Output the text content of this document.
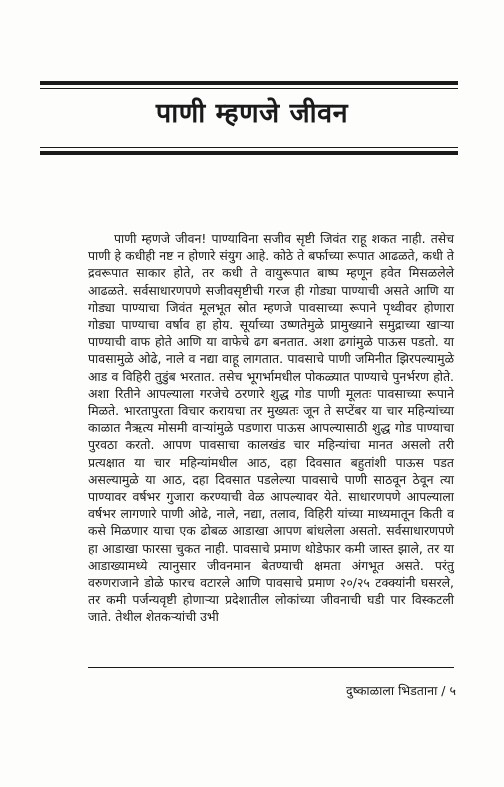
पाणी म्हणजे जीवन

पाणी म्हणजे जीवन! पाण्याविना सजीव सृष्टी जिवंत राहू शकत नाही. तसेच पाणी हे कधीही नष्ट न होणारे संयुग आहे. कोठे ते बर्फाच्या रूपात आढळते, कधी ते द्रवरूपात साकार होते, तर कधी ते वायुरूपात बाष्प म्हणून हवेत मिसळलेले आढळते. सर्वसाधारणपणे सजीवसृष्टीची गरज ही गोड्या पाण्याची असते आणि या गोड्या पाण्याचा जिवंत मूलभूत स्रोत म्हणजे पावसाच्या रूपाने पृथ्वीवर होणारा गोड्या पाण्याचा वर्षाव हा होय. सूर्याच्या उष्णतेमुळे प्रामुख्याने समुद्राच्या खाऱ्या पाण्याची वाफ होते आणि या वाफेचे ढग बनतात. अशा ढगांमुळे पाऊस पडतो. या पावसामुळे ओढे, नाले व नद्या वाहू लागतात. पावसाचे पाणी जमिनीत झिरपल्यामुळे आड व विहिरी तुडुंब भरतात. तसेच भूगर्भामधील पोकळ्यात पाण्याचे पुनर्भरण होते. अशा रितीने आपल्याला गरजेचे ठरणारे शुद्ध गोड पाणी मूलतः पावसाच्या रूपाने मिळते. भारतापुरता विचार करायचा तर मुख्यतः जून ते सप्टेंबर या चार महिन्यांच्या काळात नैऋत्य मोसमी वाऱ्यांमुळे पडणारा पाऊस आपल्यासाठी शुद्ध गोड पाण्याचा पुरवठा करतो. आपण पावसाचा कालखंड चार महिन्यांचा मानत असलो तरी प्रत्यक्षात या चार महिन्यांमधील आठ, दहा दिवसात बहुतांशी पाऊस पडत असल्यामुळे या आठ, दहा दिवसात पडलेल्या पावसाचे पाणी साठवून ठेवून त्या पाण्यावर वर्षभर गुजारा करण्याची वेळ आपल्यावर येते. साधारणपणे आपल्याला वर्षभर लागणारे पाणी ओढे, नाले, नद्या, तलाव, विहिरी यांच्या माध्यमातून किती व कसे मिळणार याचा एक ढोबळ आडाखा आपण बांधलेला असतो. सर्वसाधारणपणे हा आडाखा फारसा चुकत नाही. पावसाचे प्रमाण थोडेफार कमी जास्त झाले, तर या आडाख्यामध्ये त्यानुसार जीवनमान बेतण्याची क्षमता अंगभूत असते. परंतु वरुणराजाने डोळे फारच वटारले आणि पावसाचे प्रमाण २०/२५ टक्क्यांनी घसरले, तर कमी पर्जन्यवृष्टी होणाऱ्या प्रदेशातील लोकांच्या जीवनाची घडी पार विस्कटली जाते. तेथील शेतकऱ्यांची उभी

दुष्काळाला भिडताना / ५
